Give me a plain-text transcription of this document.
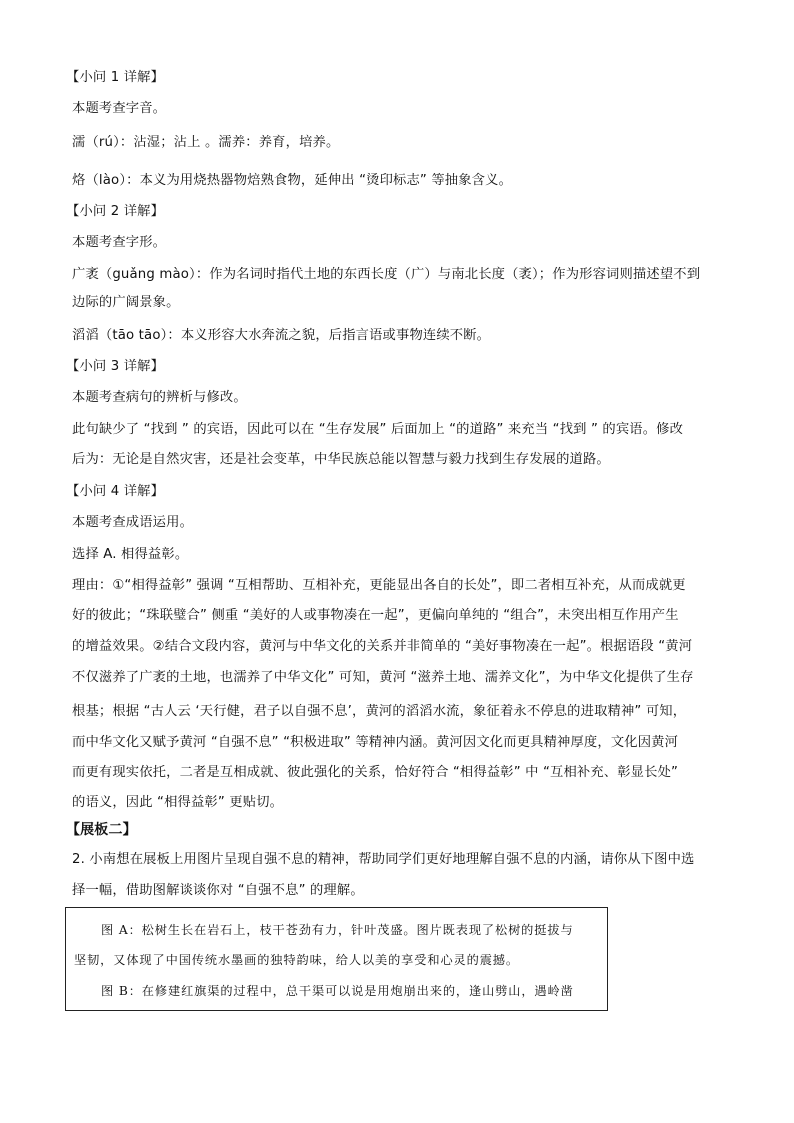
【小问 1 详解】
本题考查字音。
濡（rú）：沾湿；沾上 。濡养：养育，培养。
烙（lào）：本义为用烧热器物焙熟食物，延伸出 “烫印标志” 等抽象含义。
【小问 2 详解】
本题考查字形。
广袤（guǎng mào）：作为名词时指代土地的东西长度（广）与南北长度（袤）；作为形容词则描述望不到
边际的广阔景象。
滔滔（tāo tāo）：本义形容大水奔流之貌，后指言语或事物连续不断。
【小问 3 详解】
本题考查病句的辨析与修改。
此句缺少了 “找到 ” 的宾语，因此可以在 “生存发展” 后面加上 “的道路” 来充当 “找到 ” 的宾语。修改
后为：无论是自然灾害，还是社会变革，中华民族总能以智慧与毅力找到生存发展的道路。
【小问 4 详解】
本题考查成语运用。
选择 A. 相得益彰。
理由：①“相得益彰” 强调 “互相帮助、互相补充，更能显出各自的长处”，即二者相互补充，从而成就更
好的彼此；“珠联璧合” 侧重 “美好的人或事物凑在一起”，更偏向单纯的 “组合”，未突出相互作用产生
的增益效果。②结合文段内容，黄河与中华文化的关系并非简单的 “美好事物凑在一起”。根据语段 “黄河
不仅滋养了广袤的土地，也濡养了中华文化” 可知，黄河 “滋养土地、濡养文化”，为中华文化提供了生存
根基；根据 “古人云 ‘天行健，君子以自强不息’，黄河的滔滔水流，象征着永不停息的进取精神” 可知，
而中华文化又赋予黄河 “自强不息” “积极进取” 等精神内涵。黄河因文化而更具精神厚度，文化因黄河
而更有现实依托，二者是互相成就、彼此强化的关系，恰好符合 “相得益彰” 中 “互相补充、彰显长处”
的语义，因此 “相得益彰” 更贴切。
【展板二】
2. 小南想在展板上用图片呈现自强不息的精神，帮助同学们更好地理解自强不息的内涵，请你从下图中选
择一幅，借助图解谈谈你对 “自强不息” 的理解。
图 A：松树生长在岩石上，枝干苍劲有力，针叶茂盛。图片既表现了松树的挺拔与
坚韧，又体现了中国传统水墨画的独特韵味，给人以美的享受和心灵的震撼。
图 B：在修建红旗渠的过程中，总干渠可以说是用炮崩出来的，逢山劈山，遇岭凿
